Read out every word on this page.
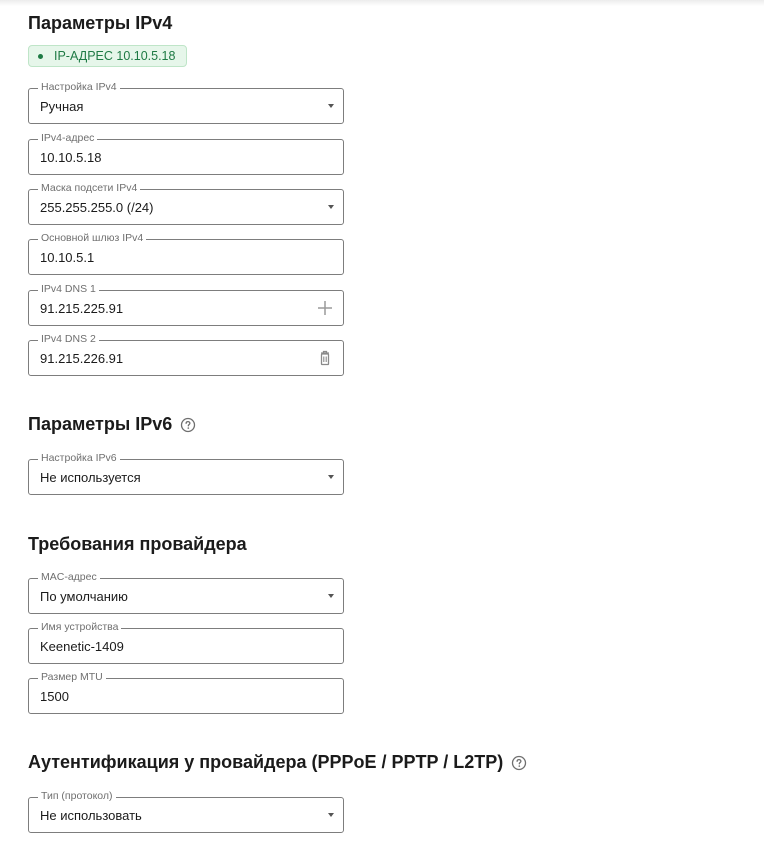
Параметры IPv4
IP-АДРЕС 10.10.5.18
Настройка IPv4
Ручная
IPv4-адрес
10.10.5.18
Маска подсети IPv4
255.255.255.0 (/24)
Основной шлюз IPv4
10.10.5.1
IPv4 DNS 1
91.215.225.91
IPv4 DNS 2
91.215.226.91
Параметры IPv6
Настройка IPv6
Не используется
Требования провайдера
MAC-адрес
По умолчанию
Имя устройства
Keenetic-1409
Размер MTU
1500
Аутентификация у провайдера (PPPoE / PPTP / L2TP)
Тип (протокол)
Не использовать
